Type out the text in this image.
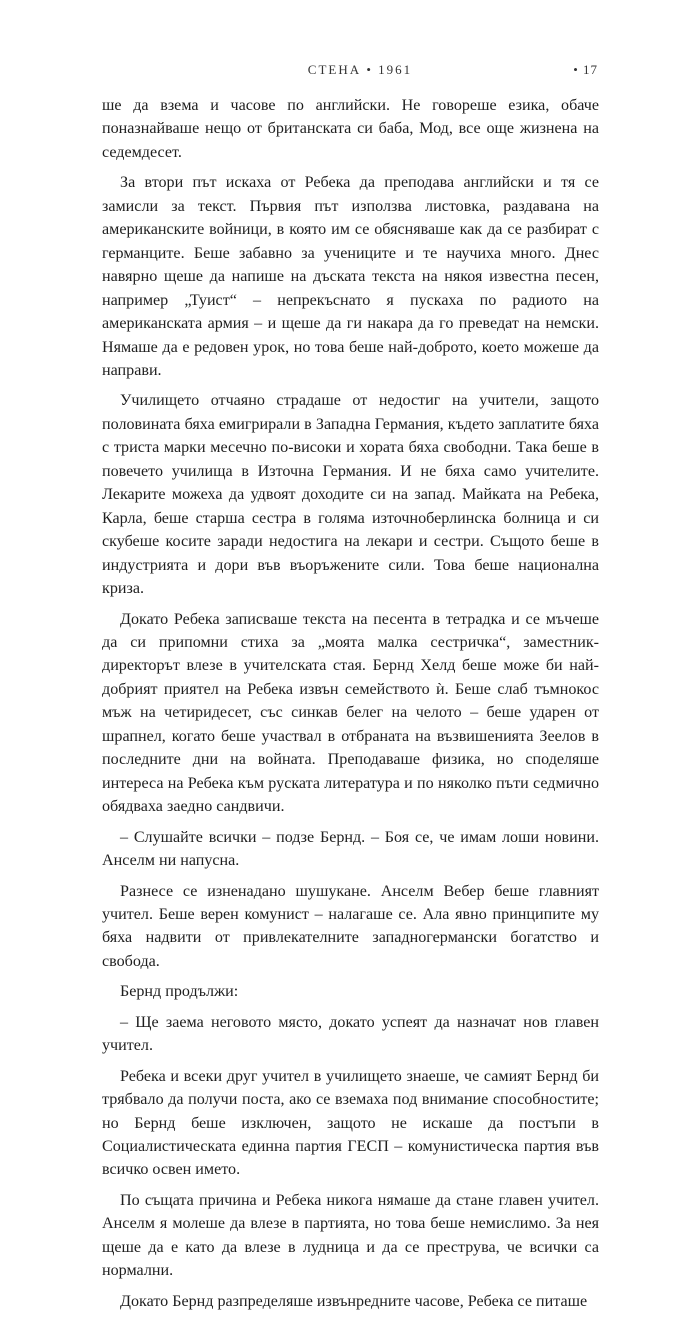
СТЕНА • 1961	• 17

ше да взема и часове по английски. Не говореше езика, обаче поназнайваше нещо от британската си баба, Мод, все още жизнена на седемдесет.

За втори път искаха от Ребека да преподава английски и тя се замисли за текст. Първия път използва листовка, раздавана на американските войници, в която им се обясняваше как да се разбират с германците. Беше забавно за учениците и те научиха много. Днес навярно щеше да напише на дъската текста на някоя известна песен, например „Туист“ – непрекъснато я пускаха по радиото на американската армия – и щеше да ги накара да го преведат на немски. Нямаше да е редовен урок, но това беше най-доброто, което можеше да направи.

Училището отчаяно страдаше от недостиг на учители, защото половината бяха емигрирали в Западна Германия, където заплатите бяха с триста марки месечно по-високи и хората бяха свободни. Така беше в повечето училища в Източна Германия. И не бяха само учителите. Лекарите можеха да удвоят доходите си на запад. Майката на Ребека, Карла, беше старша сестра в голяма източноберлинска болница и си скубеше косите заради недостига на лекари и сестри. Същото беше в индустрията и дори във въоръжените сили. Това беше национална криза.

Докато Ребека записваше текста на песента в тетрадка и се мъчеше да си припомни стиха за „моята малка сестричка“, заместник-директорът влезе в учителската стая. Бернд Хелд беше може би най-добрият приятел на Ребека извън семейството ѝ. Беше слаб тъмнокос мъж на четиридесет, със синкав белег на челото – беше ударен от шрапнел, когато беше участвал в отбраната на възвишенията Зеелов в последните дни на войната. Преподаваше физика, но споделяше интереса на Ребека към руската литература и по няколко пъти седмично обядваха заедно сандвичи.

– Слушайте всички – подзе Бернд. – Боя се, че имам лоши новини. Анселм ни напусна.

Разнесе се изненадано шушукане. Анселм Вебер беше главният учител. Беше верен комунист – налагаше се. Ала явно принципите му бяха надвити от привлекателните западногермански богатство и свобода.

Бернд продължи:

– Ще заема неговото място, докато успеят да назначат нов главен учител.

Ребека и всеки друг учител в училището знаеше, че самият Бернд би трябвало да получи поста, ако се вземаха под внимание способностите; но Бернд беше изключен, защото не искаше да постъпи в Социалистическата единна партия ГЕСП – комунистическа партия във всичко освен името.

По същата причина и Ребека никога нямаше да стане главен учител. Анселм я молеше да влезе в партията, но това беше немислимо. За нея щеше да е като да влезе в лудница и да се преструва, че всички са нормални.

Докато Бернд разпределяше извънредните часове, Ребека се питаше
